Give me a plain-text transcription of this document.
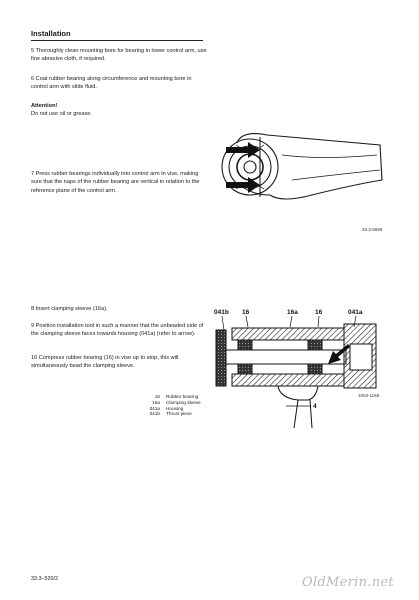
Installation
5 Thoroughly clean mounting bore for bearing in lower control arm, use fine abrasive cloth, if required.
6 Coat rubber bearing along circumference and mounting bore in control arm with slide fluid.
Attention!
Do not use oil or grease.
7 Press rubber bearings individually into control arm in vise, making sure that the naps of the rubber bearing are vertical in relation to the reference plane of the control arm.
33.3-5696
8 Insert clamping sleeve (16a).
9 Position installation tool in such a manner that the unbeaded side of the clamping sleeve faces towards housing (041a) (refer to arrow).
10 Compress rubber bearing (16) in vise up to stop, this will simultaneously bead the clamping sleeve.
041b 16	16a	16	041a
4
1003-1158
16	Rubber bearing
16a	Clamping sleeve
041a	Housing
041b	Thrust piece
33.3–520/2	OldMerin.net
